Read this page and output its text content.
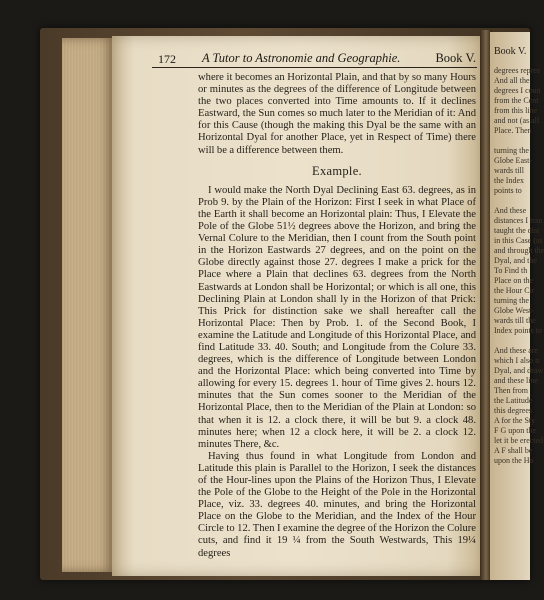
172 A Tutor to Astronomie and Geographie.	Book V.

where it becomes an Horizontal Plain, and that by so many Hours or minutes as the degrees of the difference of Longitude between the two places converted into Time amounts to. If it declines Eastward, the Sun comes so much later to the Meridian of it: And for this Cause (though the making this Dyal be the same with an Horizontal Dyal for another Place, yet in Respect of Time) there will be a difference between them.

Example.

I would make the North Dyal Declining East 63. degrees, as in Prob 9. by the Plain of the Horizon: First I seek in what Place of the Earth it shall become an Horizontal plain: Thus, I Elevate the Pole of the Globe 51½ degrees above the Horizon, and bring the Vernal Colure to the Meridian, then I count from the South point in the Horizon Eastwards 27 degrees, and on the point on the Globe directly against those 27. degrees I make a prick for the Place where a Plain that declines 63. degrees from the North Eastwards at London shall be Horizontal; or which is all one, this Declining Plain at London shall ly in the Horizon of that Prick: This Prick for distinction sake we shall hereafter call the Horizontal Place: Then by Prob. 1. of the Second Book, I examine the Latitude and Longitude of this Horizontal Place, and find Latitude 33. 40. South; and Longitude from the Colure 33. degrees, which is the difference of Longitude between London and the Horizontal Place: which being converted into Time by allowing for every 15. degrees 1. hour of Time gives 2. hours 12. minutes that the Sun comes sooner to the Meridian of the Horizontal Place, then to the Meridian of the Plain at London: so that when it is 12. a clock there, it will be but 9. a clock 48. minutes here; when 12 a clock here, it will be 2. a clock 12. minutes There, &c.

Having thus found in what Longitude from London and Latitude this plain is Parallel to the Horizon, I seek the distances of the Hour-lines upon the Plains of the Horizon Thus, I Elevate the Pole of the Globe to the Height of the Pole in the Horizontal Place, viz. 33. degrees 40. minutes, and bring the Horizontal Place on the Globe to the Meridian, and the Index of the Hour Circle to 12. Then I examine the degree of the Horizon the Colure cuts, and find it 19 ¼ from the South Westwards, This 19¼ degrees

Book V.
degrees repres
And all the
degrees I coun
from the Cent
from this line
and not (as all
Place. Then
turning the
Globe East-
wards till
the Index
points to
And these
distances I tran
taught the dist
in this Case (as
and through the
Dyal, and the
To Find th
Place on the
the Hour Cir
turning the
Globe West-
wards till the
Index points to
And these are
which I also n
Dyal, and draw
and these line
Then from
the Latitude
this degrees
A for the Sty
F G upon the
let it be erected
A F shall be
upon the Ho
